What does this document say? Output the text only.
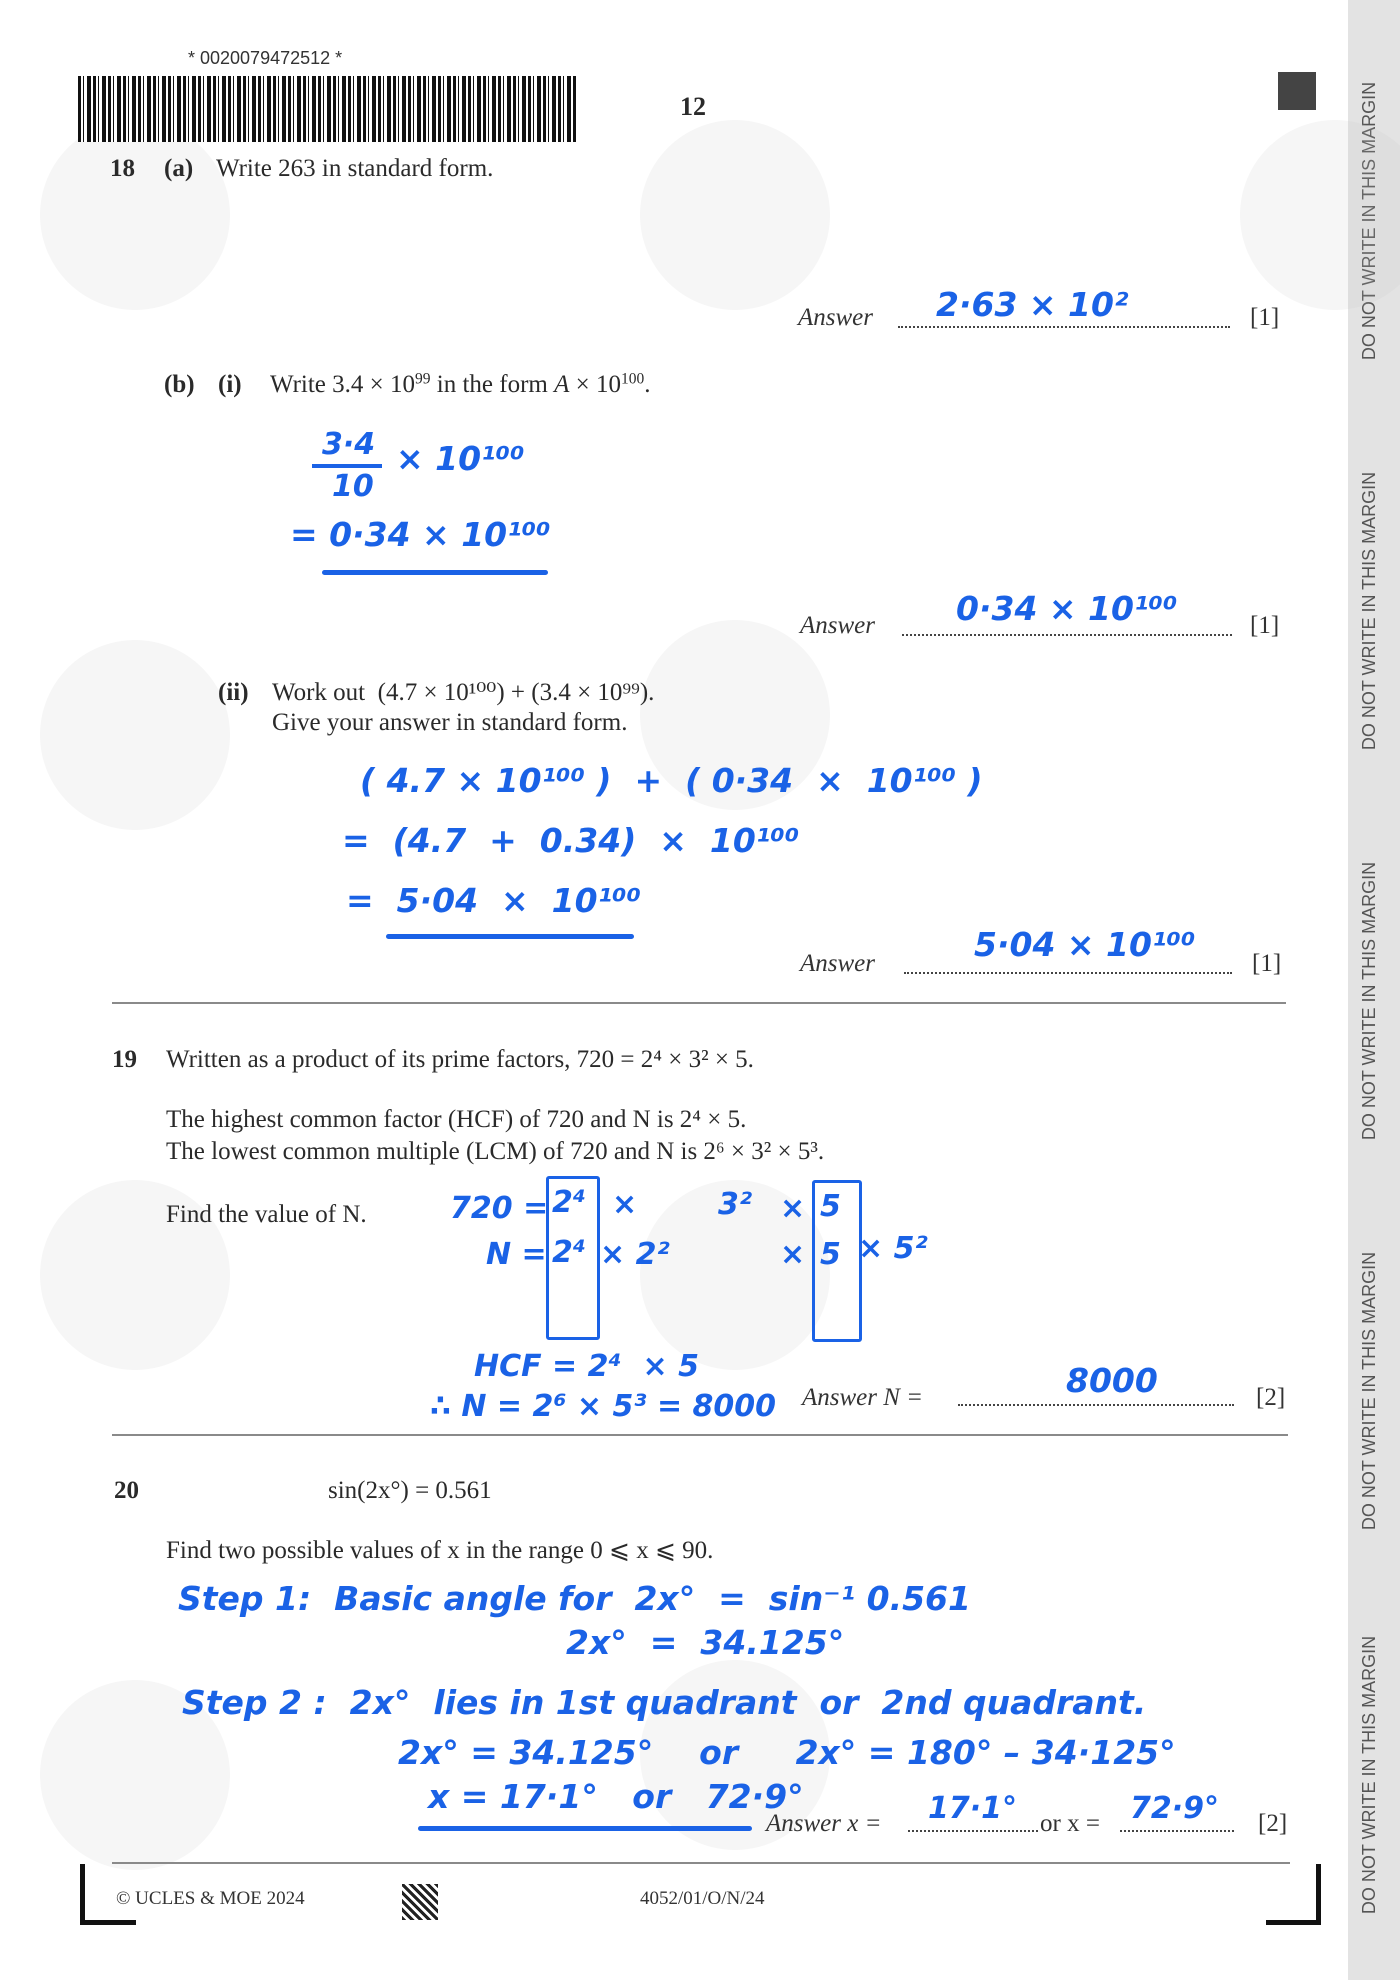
DO NOT WRITE IN THIS MARGIN
DO NOT WRITE IN THIS MARGIN
DO NOT WRITE IN THIS MARGIN
DO NOT WRITE IN THIS MARGIN
DO NOT WRITE IN THIS MARGIN
* 0020079472512 *
12
18 (a) Write 263 in standard form.
Answer 2·63 × 10²	[1]
(b) (i) Write $3.4 \times 10^{99}$ in the form $A \times 10^{100}$.
3·4
10
× 10¹⁰⁰
= 0·34 × 10¹⁰⁰
Answer 0·34 × 10¹⁰⁰	[1]
(ii) Work out  (4.7 × 10¹⁰⁰) + (3.4 × 10⁹⁹).
Give your answer in standard form.
( 4.7 × 10¹⁰⁰ )  +  ( 0·34  ×  10¹⁰⁰ )
=  (4.7  +  0.34)  ×  10¹⁰⁰
=  5·04  ×  10¹⁰⁰
Answer	5·04 × 10¹⁰⁰ [1]
19 Written as a product of its prime factors, 720 = 2⁴ × 3² × 5.
The highest common factor (HCF) of 720 and N is 2⁴ × 5.
The lowest common multiple (LCM) of 720 and N is 2⁶ × 3² × 5³.
Find the value of N.	720 = 2⁴ ×	3² × 5
N = 2⁴ × 2²	× 5 × 5²
HCF = 2⁴  × 5
∴ N = 2⁶ × 5³ = 8000 Answer N =	8000	[2]
20	sin(2x°) = 0.561
Find two possible values of x in the range 0 ⩽ x ⩽ 90.
Step 1:  Basic angle for  2x°  =  sin⁻¹ 0.561
2x°  =  34.125°
Step 2 :  2x°  lies in 1st quadrant  or  2nd quadrant.
2x° = 34.125°    or     2x° = 180° – 34·125°
x = 17·1°   or   72·9°
Answer x = 17·1° or x = 72·9° [2]
© UCLES & MOE 2024	4052/01/O/N/24
